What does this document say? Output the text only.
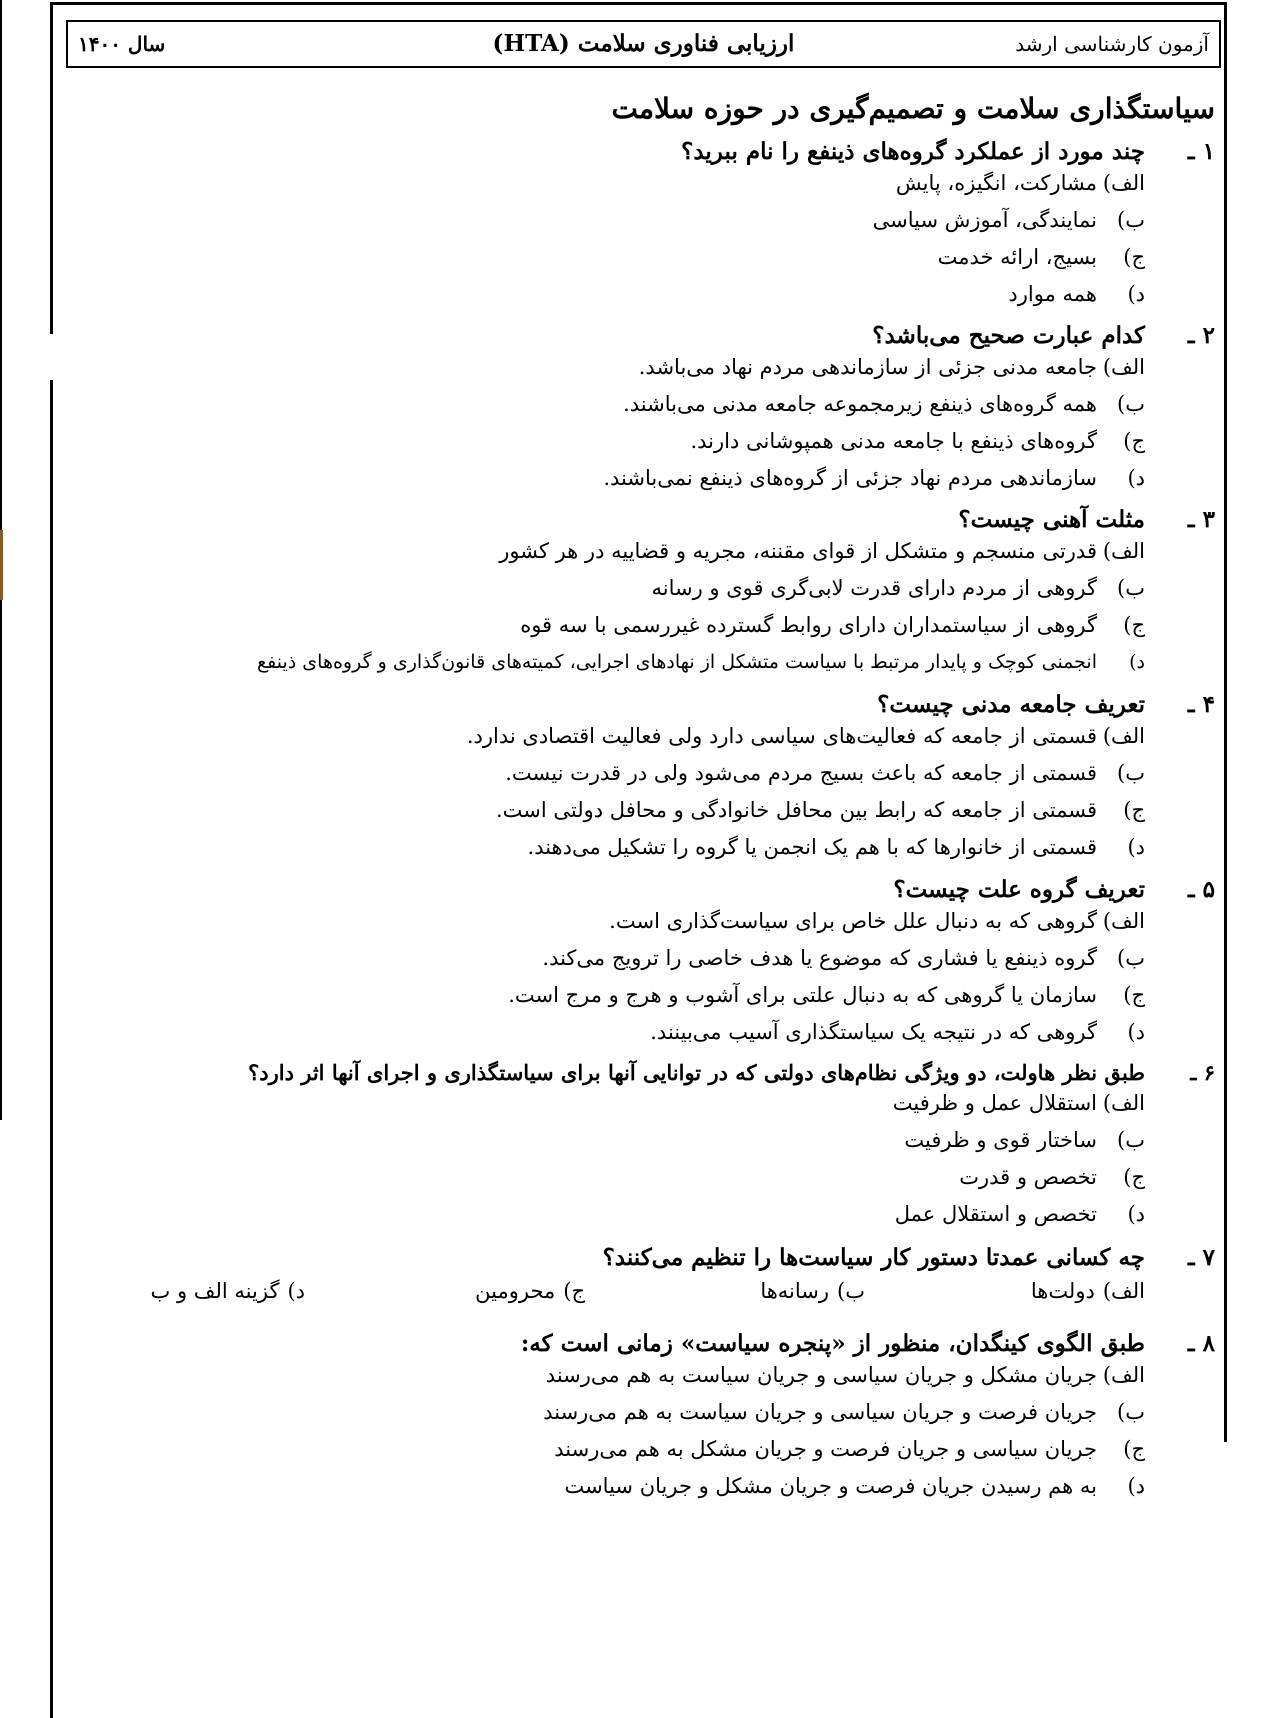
سال ۱۴۰۰	ارزیابی فناوری سلامت (HTA)	آزمون کارشناسی ارشد
سیاستگذاری سلامت و تصمیم‌گیری در حوزه سلامت
۱ ـ
چند مورد از عملکرد گروه‌های ذینفع را نام ببرید؟
الف)
مشارکت، انگیزه، پایش
ب)
نمایندگی، آموزش سیاسی
ج)
بسیج، ارائه خدمت
د)
همه موارد
۲ ـ
کدام عبارت صحیح می‌باشد؟
الف)
جامعه مدنی جزئی از سازماندهی مردم نهاد می‌باشد.
ب)
همه گروه‌های ذینفع زیرمجموعه جامعه مدنی می‌باشند.
ج)
گروه‌های ذینفع با جامعه مدنی همپوشانی دارند.
د)
سازماندهی مردم نهاد جزئی از گروه‌های ذینفع نمی‌باشند.
۳ ـ
مثلت آهنی چیست؟
الف)
قدرتی منسجم و متشکل از قوای مقننه، مجریه و قضاییه در هر کشور
ب)
گروهی از مردم دارای قدرت لابی‌گری قوی و رسانه
ج)
گروهی از سیاستمداران دارای روابط گسترده غیررسمی با سه قوه
د)
انجمنی کوچک و پایدار مرتبط با سیاست متشکل از نهادهای اجرایی، کمیته‌های قانون‌گذاری و گروه‌های ذینفع
۴ ـ
تعریف جامعه مدنی چیست؟
الف)
قسمتی از جامعه که فعالیت‌های سیاسی دارد ولی فعالیت اقتصادی ندارد.
ب)
قسمتی از جامعه که باعث بسیج مردم می‌شود ولی در قدرت نیست.
ج)
قسمتی از جامعه که رابط بین محافل خانوادگی و محافل دولتی است.
د)
قسمتی از خانوارها که با هم یک انجمن یا گروه را تشکیل می‌دهند.
۵ ـ
تعریف گروه علت چیست؟
الف)
گروهی که به دنبال علل خاص برای سیاست‌گذاری است.
ب)
گروه ذینفع یا فشاری که موضوع یا هدف خاصی را ترویج می‌کند.
ج)
سازمان یا گروهی که به دنبال علتی برای آشوب و هرج و مرج است.
د)
گروهی که در نتیجه یک سیاستگذاری آسیب می‌بینند.
۶ ـ
طبق نظر هاولت، دو ویژگی نظام‌های دولتی که در توانایی آنها برای سیاستگذاری و اجرای آنها اثر دارد؟
الف)
استقلال عمل و ظرفیت
ب)
ساختار قوی و ظرفیت
ج)
تخصص و قدرت
د)
تخصص و استقلال عمل
۷ ـ
چه کسانی عمدتا دستور کار سیاست‌ها را تنظیم می‌کنند؟
الف)دولت‌ها
ب)رسانه‌ها
ج)محرومین
د)گزینه الف و ب
۸ ـ
طبق الگوی کینگدان، منظور از «پنجره سیاست» زمانی است که:
الف)
جریان مشکل و جریان سیاسی و جریان سیاست به هم می‌رسند
ب)
جریان فرصت و جریان سیاسی و جریان سیاست به هم می‌رسند
ج)
جریان سیاسی و جریان فرصت و جریان مشکل به هم می‌رسند
د)
به هم رسیدن جریان فرصت و جریان مشکل و جریان سیاست
